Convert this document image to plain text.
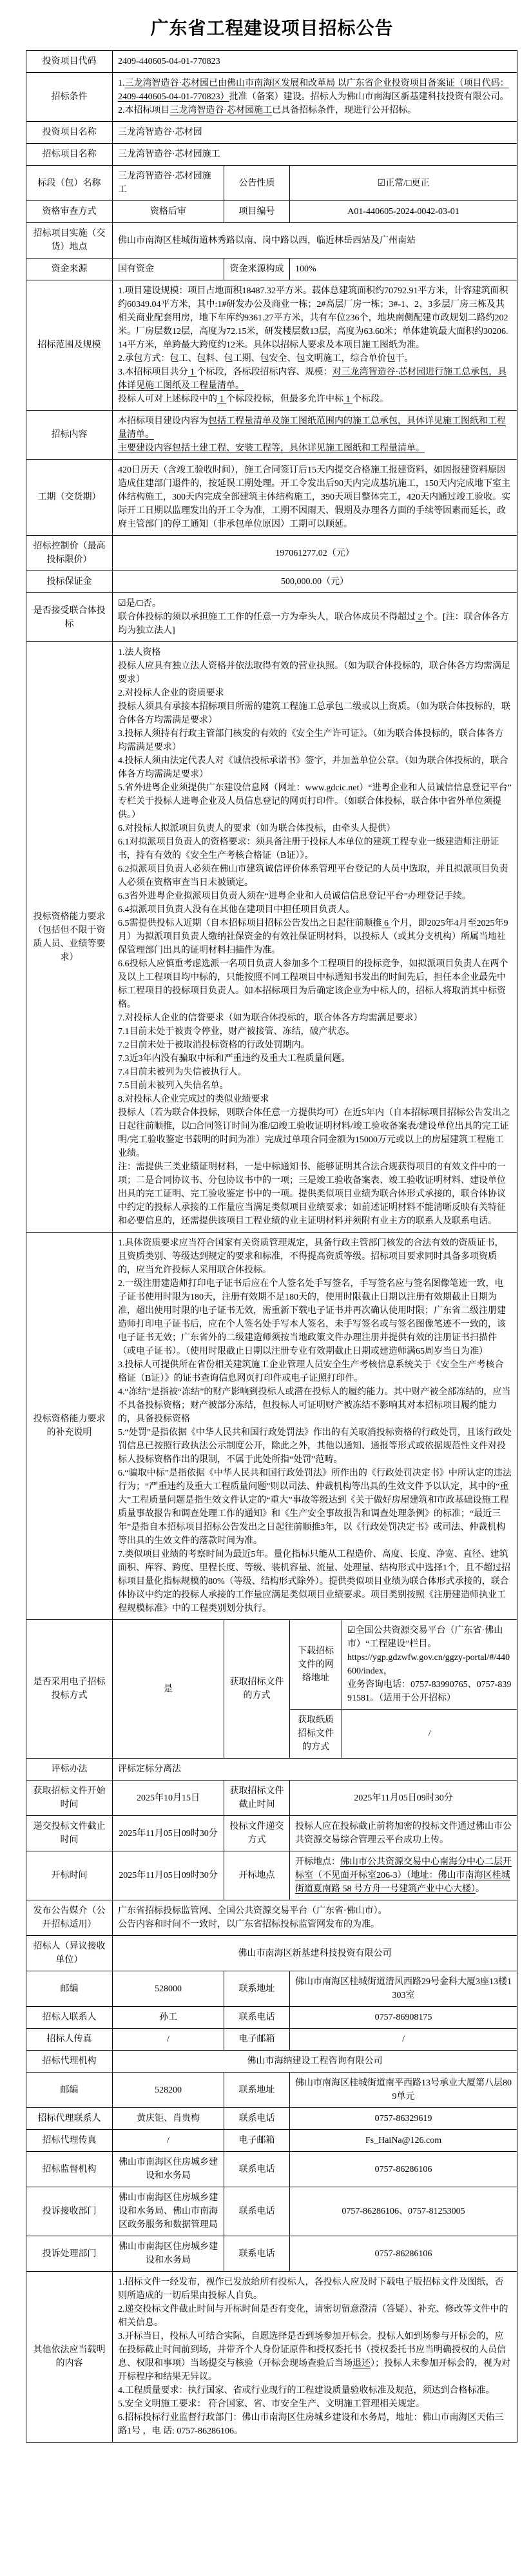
广东省工程建设项目招标公告
投资项目代码	2409-440605-04-01-770823			
招标条件	1.三龙湾智造谷·芯材园已由佛山市南海区发展和改革局 以广东省企业投资项目备案证（项目代码：2409-440605-04-01-770823）批准（备案）建设。招标人为佛山市南海区新基建科技投资有限公司。
2.本招标项目三龙湾智造谷·芯材园施工已具备招标条件，现进行公开招标。			

投资项目名称	三龙湾智造谷·芯材园			
招标项目名称	三龙湾智造谷·芯材园施工			
标段（包）名称	三龙湾智造谷·芯材园施工	公告性质	☑正常/□更正	
资格审查方式	资格后审	项目编号	A01-440605-2024-0042-03-01	
招标项目实施（交货）地点	佛山市南海区桂城街道林秀路以南、岗中路以西，临近林岳西站及广州南站			
资金来源	国有资金	资金来源构成	100%	
招标范围及规模	1.项目建设规模：项目占地面积18487.32平方米。载体总建筑面积约70792.91平方米，计容建筑面积约60349.04平方米，其中:1#研发办公及商业一栋；2#高层厂房一栋；3#-1、2、3多层厂房三栋及其相关商业配套用房，地下车库约9361.27平方米，共有车位236个，地块南侧配建市政规划二路约202米。厂房层数12层，高度为72.15米，研发楼层数13层，高度为63.60米；单体建筑最大面积约30206.14平方米，单跨最大跨度约12米。具体以招标人要求及本项目施工图纸为准。
2.承包方式：包工、包料、包工期、包安全、包文明施工，综合单价包干。
3.本招标项目共分 1 个标段，各标段招标内容、规模：对三龙湾智造谷·芯材园进行施工总承包，具体详见施工图纸及工程量清单。
投标人可对上述标段中的 1 个标段投标，但最多允许中标 1 个标段。			

招标内容	本招标项目建设内容为包括工程量清单及施工图纸范围内的施工总承包，具体详见施工图纸和工程量清单。
主要建设内容包括土建工程、安装工程等，具体详见施工图纸和工程量清单。			

工期（交货期）	420日历天（含竣工验收时间），施工合同签订后15天内提交合格施工报建资料，如因报建资料原因造成住建部门退件的，按延误工期处理。开工令发出后90天内完成基坑施工，150天内完成地下室主体结构施工，300天内完成全部建筑主体结构施工，390天项目整体完工，420天内通过竣工验收。实际开工日期以监理发出的开工令为准，工期不因雨天、假期及办理各方面的手续等因素而延长，政府主管部门的停工通知（非承包单位原因）工期可以顺延。			

招标控制价（最高投标限价）	197061277.02（元）			
投标保证金	500,000.00（元）			
是否接受联合体投标	☑是/□否。
联合体投标的须以承担施工工作的任意一方为牵头人，联合体成员不得超过 2 个。[注：联合体各方均为独立法人]			

投标资格能力要求（包括但不限于资质人员、业绩等要求）	
1.法人资格
投标人应具有独立法人资格并依法取得有效的营业执照。（如为联合体投标的，联合体各方均需满足要求）
2.对投标人企业的资质要求
投标人须具有承接本招标项目所需的建筑工程施工总承包二级或以上资质。（如为联合体投标的，联合体各方均需满足要求）
3.投标人须持有行政主管部门核发的有效的《安全生产许可证》。（如为联合体投标的，联合体各方均需满足要求）
4.投标人须由法定代表人对《诚信投标承诺书》签字，并加盖单位公章。（如为联合体投标的，联合体各方均需满足要求）
5.省外进粤企业须提供广东建设信息网（网址：www.gdcic.net）“进粤企业和人员诚信信息登记平台”专栏关于投标人进粤企业及人员信息登记的网页打印件。（如联合体投标，联合体中省外单位须提供。）
6.对投标人拟派项目负责人的要求（如为联合体投标，由牵头人提供）
6.1对拟派项目负责人的资格要求：须具备注册于投标人本单位的建筑工程专业一级建造师注册证书，持有有效的《安全生产考核合格证（B证）》。
6.2拟派项目负责人必须在佛山市建筑诚信评价体系管理平台登记的人员中选取，并且拟派项目负责人必须在资格审查当日未被锁定。
6.3省外进粤企业拟派项目负责人须在“进粤企业和人员诚信信息登记平台”办理登记手续。
6.4拟派项目负责人没有在其他在建项目中担任项目负责人。
6.5需提供投标人近期（自本招标项目招标公告发出之日起往前顺推 6 个月，即2025年4月至2025年9月）为拟派项目负责人缴纳社保资金的有效社保证明材料，以投标人（或其分支机构）所属当地社保管理部门出具的证明材料扫描件为准。
6.6投标人应慎重考虑选派一名项目负责人参加多个工程项目的投标竞争，如拟派项目负责人在两个及以上工程项目均中标的，只能按照不同工程项目中标通知书发出的时间先后，担任本企业最先中标工程项目的投标项目负责人。如本招标项目为后确定该企业为中标人的，招标人将取消其中标资格。
7.对投标人企业的信誉要求（如为联合体投标的，联合体各方均需满足要求）
7.1目前未处于被责令停业，财产被接管、冻结，破产状态。
7.2目前未处于被取消投标资格的行政处罚期内。
7.3近3年内没有骗取中标和严重违约及重大工程质量问题。
7.4目前未被列为失信被执行人。
7.5目前未被列入失信名单。
8.对投标人企业完成过的类似业绩要求
投标人（若为联合体投标，则联合体任意一方提供均可）在近5年内（自本招标项目招标公告发出之日起往前顺推，以□合同签订时间为准/☑竣工验收证明材料/竣工验收备案表/建设单位出具的完工证明/完工验收鉴定书载明的时间为准）完成过单项合同金额为15000万元或以上的房屋建筑工程施工业绩。
注：需提供三类业绩证明材料，一是中标通知书、能够证明其合法合规获得项目的有效文件中的一项；二是合同协议书、分包协议书中的一项；三是竣工验收备案表、竣工验收证明材料、建设单位出具的完工证明、完工验收鉴定书中的一项。提供类似项目业绩为联合体形式承接的，联合体协议中约定的投标人承接的工作量应当满足类似项目业绩要求；如前述证明材料不能清晰反映有关特征和必要信息的，还需提供该项目工程业绩的业主证明材料并须附有业主方的联系人及联系电话。

投标资格能力要求的补充说明	
1.具体资质要求应当符合国家有关资质管理规定，具备行政主管部门核发的合法有效的资质证书，且资质类别、等级达到规定的要求和标准，不得提高资质等级。招标项目要求同时具备多项资质的，应当允许投标人采用联合体投标。
2.一级注册建造师打印电子证书后应在个人签名处手写签名，手写签名应与签名图像笔迹一致，电子证书使用时限为180天，注册有效期不足180天的，使用时限截止日期以注册有效期截止日期为准，超出使用时限的电子证书无效，需重新下载电子证书并再次确认使用时限；广东省二级注册建造师打印电子证书后，应在个人签名处手写本人签名，未手写签名或与签名图像笔迹不一致的，该电子证书无效；广东省外的二级建造师须按当地政策文件办理注册并提供有效的注册证书扫描件（或电子证书）。（使用时限截止日期以注册专业有效期截止日期或建造师满65周岁当日为准）
3.投标人可提供所在省份相关建筑施工企业管理人员安全生产考核信息系统关于《安全生产考核合格证（B证）》的证书查询信息网页打印件或电子证照打印件。
4.“冻结”是指被“冻结”的财产影响到投标人或潜在投标人的履约能力。其中财产被全部冻结的，应当不具备投标资格；财产被部分冻结，但投标人可证明财产被冻结不影响其对本招标项目履约能力的，具备投标资格
5.“处罚”是指依据《中华人民共和国行政处罚法》作出的有关取消投标资格的行政处罚，且该行政处罚信息已按照行政执法公示制度公开，除此之外，其他以通知、通报等形式或依据规范性文件对投标人投标资格作出的限制，不属于此处所指“处罚”范畴。
6.“骗取中标”是指依据《中华人民共和国行政处罚法》所作出的《行政处罚决定书》中所认定的违法行为；“严重违约及重大工程质量问题”则以司法、仲裁机构等出具的生效文件予以认定，其中的“重大”工程质量问题是指生效文件认定的“重大”事故等级达到《关于做好房屋建筑和市政基础设施工程质量事故报告和调查处理工作的通知》和《生产安全事故报告和调查处理条例》的标准；“最近三年”是指自本招标项目招标公告发出之日起往前顺推3年，以《行政处罚决定书》或司法、仲裁机构等出具的生效文件的落款时间为准。
7.类似项目业绩的考察时间为最近5年。量化指标只能从工程造价、高度、长度、净宽、直径、建筑面积、库容、跨度、里程长度、等级、装机容量、流量、处理量、结构形式中选择1个，且不超过招标项目量化指标规模的80%（等级、结构形式除外）。提供类似项目业绩为联合体形式承接的，联合体协议中约定的投标人承接的工作量应满足类似项目业绩要求。项目类别按照《注册建造师执业工程规模标准》中的工程类别划分执行。

是否采用电子招标投标方式	是	获取招标文件的方式	下载招标文件的网络地址	☑全国公共资源交易平台（广东省·佛山市）“工程建设”栏目。
https://ygp.gdzwfw.gov.cn/ggzy-portal/#/440600/index，
业务咨询电话：0757-83990765、0757-83991581。（适用于公开招标）

			获取纸质招标文件的方式	/
评标办法	评标定标分离法			
获取招标文件开始时间	2025年10月15日	获取招标文件截止时间	2025年11月05日09时30分	
递交投标文件截止时间	2025年11月05日09时30分	投标文件递交方式	投标人应在投标截止前将加密的投标文件通过佛山市公共资源交易综合管理云平台成功上传。	
开标时间	2025年11月05日09时30分	开标地点	开标地点：佛山市公共资源交易中心南海分中心二层开标室（不见面开标室206-3）（地址：佛山市南海区桂城街道夏南路 58 号方舟一号建筑产业中心大楼）。	

发布公告媒介（公开招标适用）	广东省招标投标监管网、全国公共资源交易平台（广东省·佛山市）。
公告内容和时间不一致时，以广东省招标投标监管网发布的为准。			

招标人（异议接收单位）	佛山市南海区新基建科技投资有限公司			
邮编	528000	联系地址	佛山市南海区桂城街道清风西路29号金科大厦3座13楼1303室	
招标人联系人	孙工	联系电话	0757-86908175	
招标人传真	/	电子邮箱	/	
招标代理机构	佛山市海纳建设工程咨询有限公司			
邮编	528200	联系地址	佛山市南海区桂城街道南平西路13号承业大厦第八层809单元	
招标代理联系人	黄庆钜、肖贵梅	联系电话	0757-86329619	
招标代理传真	/	电子邮箱	Fs_HaiNa@126.com	
招标监督机构	佛山市南海区住房城乡建设和水务局	联系电话	0757-86286106	
投诉接收部门	佛山市南海区住房城乡建设和水务局、佛山市南海区政务服务和数据管理局	联系电话	0757-86286106、0757-81253005	
投诉处理部门	佛山市南海区住房城乡建设和水务局	联系电话	0757-86286106	
其他依法应当载明的内容	
1.招标文件一经发布，视作已发放给所有投标人，各投标人应及时下载电子版招标文件及图纸，否则所造成的一切后果由投标人自负。
2.递交投标文件截止时间与开标时间是否有变化，请密切留意澄清（答疑）、补充、修改等文件中的相关信息。
3.开标当日，投标人可结合实际，自愿选择是否到场参加开标会。投标人如到场参与开标会的，应在投标截止时间前到场，并带齐个人身份证原件和授权委托书（授权委托书应当明确授权的人员信息、权限和事项）当场提交与核验（开标会现场查验后当场退还）；投标人未参加开标会的，视为对开标程序和结果无异议。
4.工程质量要求：执行国家、省或行业现行的工程建设质量验收标准及规范，须达到合格标准。
5.安全文明施工要求： 符合国家、省、市安全生产、文明施工管理相关规定。
6.招标投标行业监督行政部门：佛山市南海区住房城乡建设和水务局，地址：佛山市南海区天佑三路1号 ，电 话: 0757-86286106。
